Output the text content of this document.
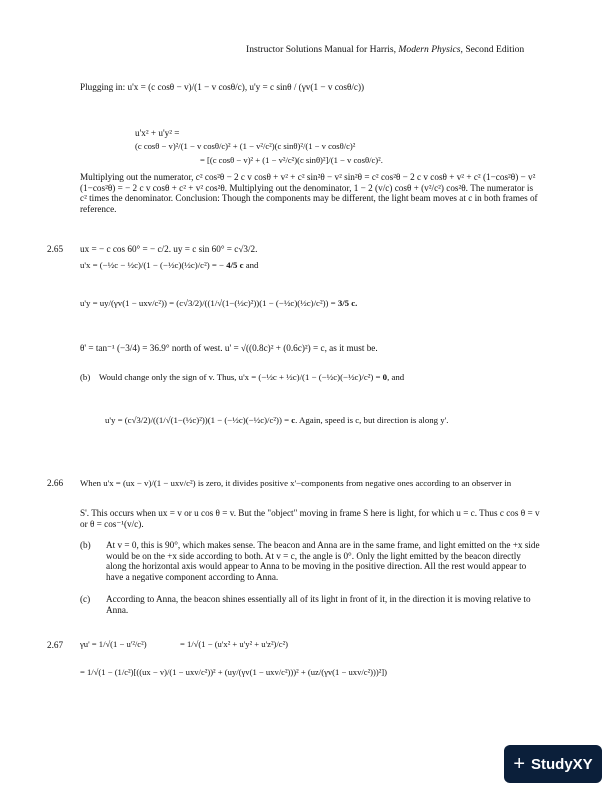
Instructor Solutions Manual for Harris, Modern Physics, Second Edition
Plugging in: u'x = (c cosθ − v)/(1 − v cosθ/c), u'y = c sinθ / (γv(1 − v cosθ/c))
u'x² + u'y² =
(c cosθ − v)²/(1 − v cosθ/c)² + (1 − v²/c²)(c sinθ)²/(1 − v cosθ/c)²
= [(c cosθ − v)² + (1 − v²/c²)(c sinθ)²]/(1 − v cosθ/c)².
Multiplying out the numerator, c² cos²θ − 2 c v cosθ + v² + c² sin²θ − v² sin²θ = c² cos²θ − 2 c v cosθ + v² + c² (1−cos²θ) − v² (1−cos²θ) = − 2 c v cosθ + c² + v² cos²θ. Multiplying out the denominator, 1 − 2 (v/c) cosθ + (v²/c²) cos²θ. The numerator is c² times the denominator. Conclusion: Though the components may be different, the light beam moves at c in both frames of reference.
2.65 ux = − c cos 60° = − c/2. uy = c sin 60° = c√3/2.
u'x = (−½c − ½c)/(1 − (−½c)(½c)/c²) = − 4/5 c and
u'y = uy/(γv(1 − uxv/c²)) = (c√3/2)/((1/√(1−(½c)²))(1 − (−½c)(½c)/c²)) = 3/5 c.
θ' = tan⁻¹ (−3/4) = 36.9° north of west. u' = √((0.8c)² + (0.6c)²) = c, as it must be.
(b) Would change only the sign of v. Thus, u'x = (−½c + ½c)/(1 − (−½c)(−½c)/c²) = 0, and
u'y = (c√3/2)/((1/√(1−(½c)²))(1 − (−½c)(−½c)/c²)) = c. Again, speed is c, but direction is along y'.
2.66 When u'x = (ux − v)/(1 − uxv/c²) is zero, it divides positive x'−components from negative ones according to an observer in
S'. This occurs when ux = v or u cos θ = v. But the "object" moving in frame S here is light, for which u = c. Thus c cos θ = v or θ = cos⁻¹(v/c).
(b) At v = 0, this is 90°, which makes sense. The beacon and Anna are in the same frame, and light emitted on the +x side would be on the +x side according to both. At v = c, the angle is 0°. Only the light emitted by the beacon directly along the horizontal axis would appear to Anna to be moving in the positive direction. All the rest would appear to have a negative component according to Anna.
(c) According to Anna, the beacon shines essentially all of its light in front of it, in the direction it is moving relative to Anna.
2.67 γu' = 1/√(1 − u'²/c²)	= 1/√(1 − (u'x² + u'y² + u'z²)/c²)
= 1/√(1 − (1/c²)[((ux − v)/(1 − uxv/c²))² + (uy/(γv(1 − uxv/c²)))² + (uz/(γv(1 − uxv/c²)))²])
+ StudyXY
